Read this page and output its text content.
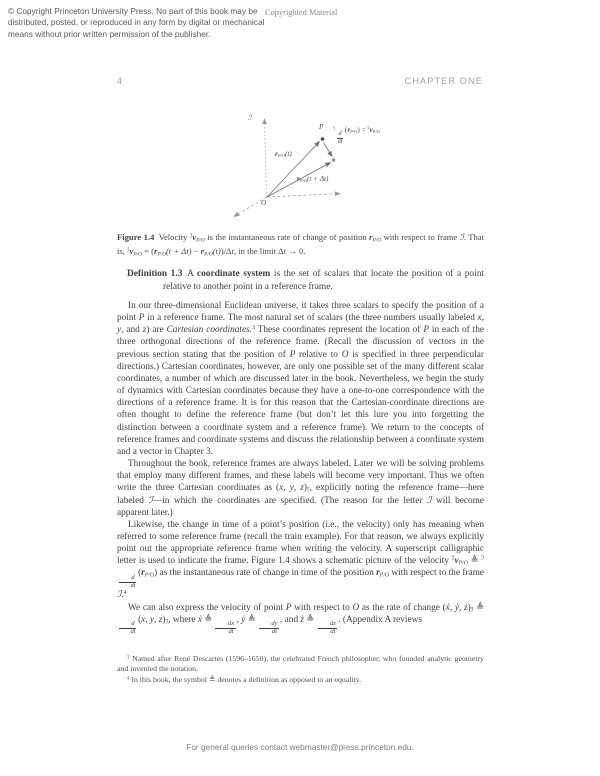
© Copyright Princeton University Press. No part of this book may be distributed, posted, or reproduced in any form by digital or mechanical means without prior written permission of the publisher.
Copyrighted Material
4	CHAPTER ONE
ℐ
P
O
rP/O(t)
rP/O(t + Δt)
$^ℐ$
$\frac{d}{dt}$
(rP/O) = $^ℐ$vP/O
Figure 1.4 Velocity $^ℐ$vP/O is the instantaneous rate of change of position rP/O with respect to frame ℐ. That is, $^ℐ$vP/O = (rP/O(t + Δt) − rP/O(t))/Δt, in the limit Δt → 0.
Definition 1.3 A coordinate system is the set of scalars that locate the position of a point relative to another point in a reference frame.

In our three-dimensional Euclidean universe, it takes three scalars to specify the position of a point P in a reference frame. The most natural set of scalars (the three numbers usually labeled x, y, and z) are Cartesian coordinates.$^3$ These coordinates represent the location of P in each of the three orthogonal directions of the reference frame. (Recall the discussion of vectors in the previous section stating that the position of P relative to O is specified in three perpendicular directions.) Cartesian coordinates, however, are only one possible set of the many different scalar coordinates, a number of which are discussed later in the book. Nevertheless, we begin the study of dynamics with Cartesian coordinates because they have a one-to-one correspondence with the directions of a reference frame. It is for this reason that the Cartesian-coordinate directions are often thought to define the reference frame (but don’t let this lure you into forgetting the distinction between a coordinate system and a reference frame). We return to the concepts of reference frames and coordinate systems and discuss the relationship between a coordinate system and a vector in Chapter 3.

Throughout the book, reference frames are always labeled. Later we will be solving problems that employ many different frames, and these labels will become very important. Thus we often write the three Cartesian coordinates as (x, y, z)ℐ, explicitly noting the reference frame—here labeled ℐ—in which the coordinates are specified. (The reason for the letter ℐ will become apparent later.)

Likewise, the change in time of a point’s position (i.e., the velocity) only has meaning when referred to some reference frame (recall the train example). For that reason, we always explicitly point out the appropriate reference frame when writing the velocity. A superscript calligraphic letter is used to indicate the frame. Figure 1.4 shows a schematic picture of the velocity $^ℐ$vP/O ≜ $^ℐ$
$\frac{d}{dt}$
(rP/O) as the instantaneous rate of change in time of the position rP/O with respect to the frame ℐ.$^4$

We can also express the velocity of point P with respect to O as the rate of change (ẋ, ẏ, ż)ℐ ≜
$\frac{d}{dt}$
(x, y, z)ℐ, where ẋ ≜
$\frac{dx}{dt}$
, ẏ ≜
$\frac{dy}{dt}$
, and ż ≜
$\frac{dz}{dt}$
. (Appendix A reviews

$^3$ Named after René Descartes (1596–1650), the celebrated French philosopher, who founded analytic geometry and invented the notation.

$^4$ In this book, the symbol ≜ denotes a definition as opposed to an equality.

For general queries contact webmaster@press.princeton.edu.
